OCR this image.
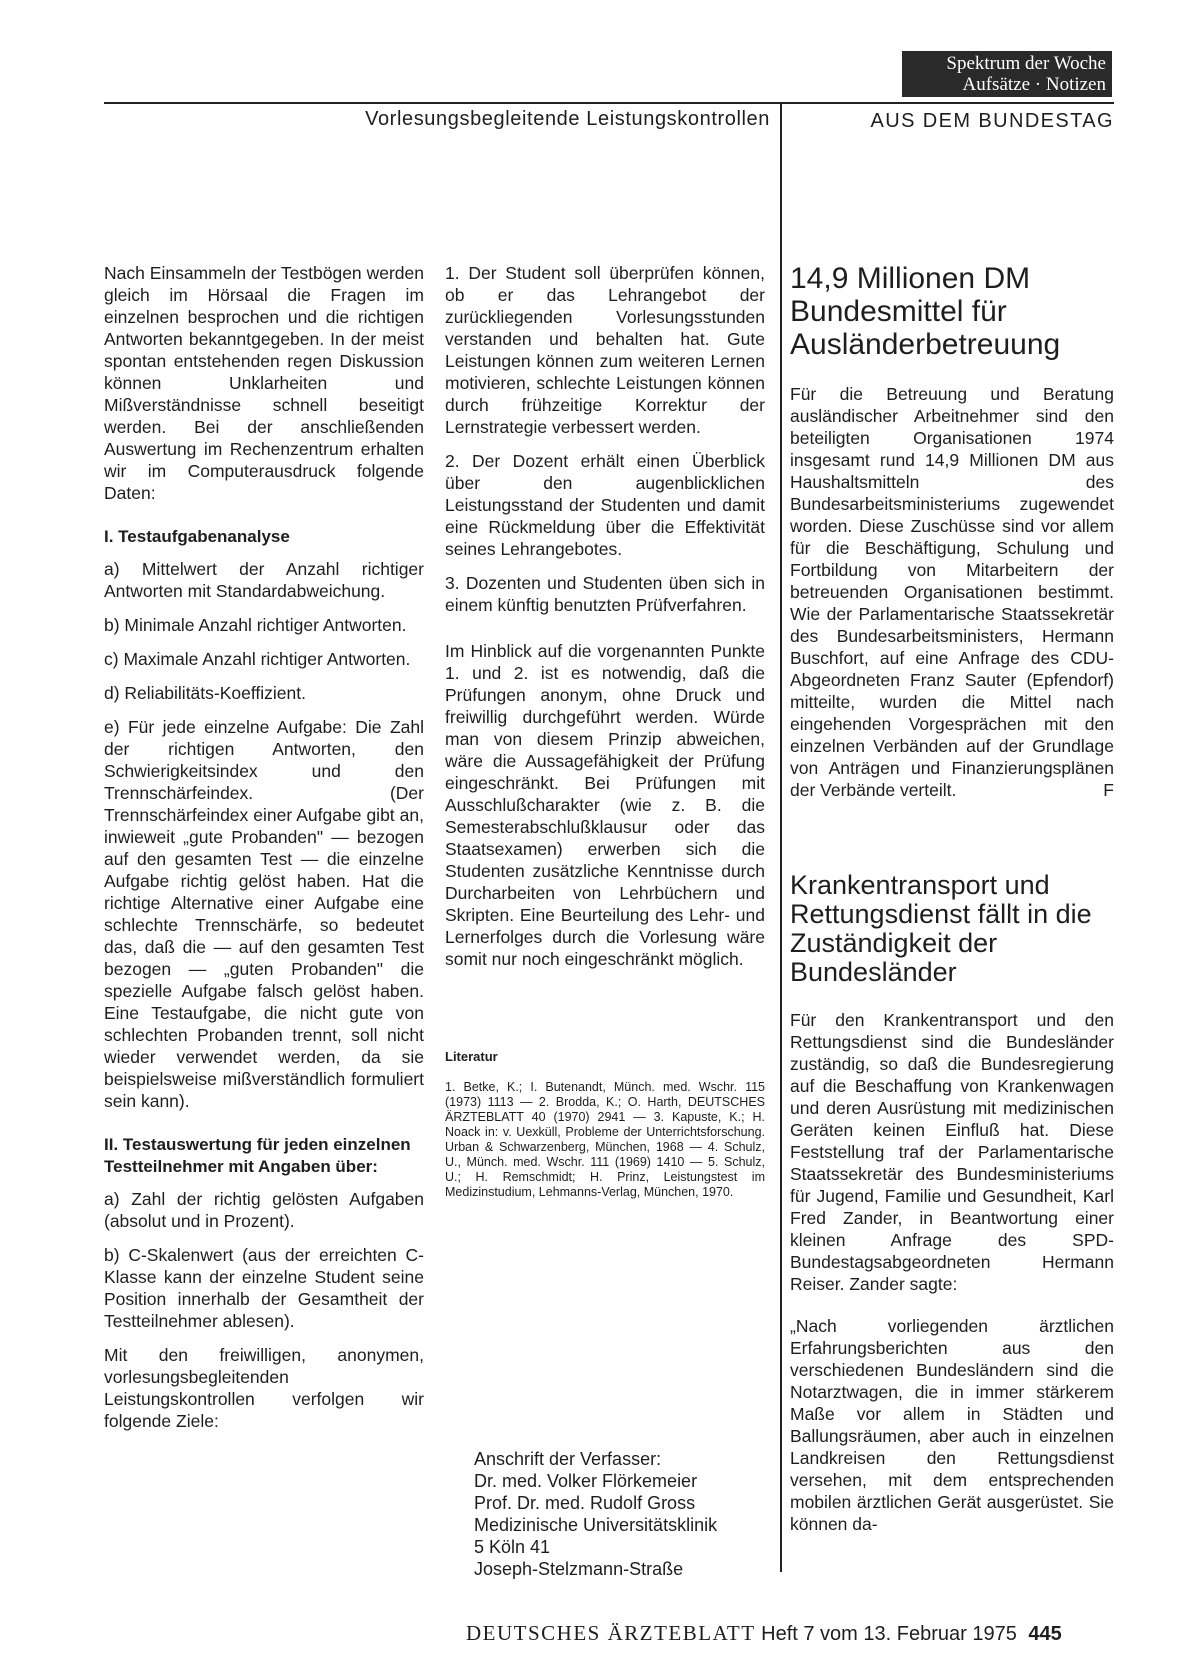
Spektrum der Woche
Aufsätze · Notizen
Vorlesungsbegleitende Leistungskontrollen	AUS DEM BUNDESTAG

Nach Einsammeln der Testbögen werden gleich im Hörsaal die Fragen im einzelnen besprochen und die richtigen Antworten bekanntgegeben. In der meist spontan entstehenden regen Diskussion können Unklarheiten und Mißverständnisse schnell beseitigt werden. Bei der anschließenden Auswertung im Rechenzentrum erhalten wir im Computerausdruck folgende Daten:

I. Testaufgabenanalyse

a) Mittelwert der Anzahl richtiger Antworten mit Standardabweichung.

b) Minimale Anzahl richtiger Antworten.

c) Maximale Anzahl richtiger Antworten.

d) Reliabilitäts-Koeffizient.

e) Für jede einzelne Aufgabe: Die Zahl der richtigen Antworten, den Schwierigkeitsindex und den Trennschärfeindex. (Der Trennschärfeindex einer Aufgabe gibt an, inwieweit „gute Probanden" — bezogen auf den gesamten Test — die einzelne Aufgabe richtig gelöst haben. Hat die richtige Alternative einer Aufgabe eine schlechte Trennschärfe, so bedeutet das, daß die — auf den gesamten Test bezogen — „guten Probanden" die spezielle Aufgabe falsch gelöst haben. Eine Testaufgabe, die nicht gute von schlechten Probanden trennt, soll nicht wieder verwendet werden, da sie beispielsweise mißverständlich formuliert sein kann).

II. Testauswertung für jeden einzelnen Testteilnehmer mit Angaben über:

a) Zahl der richtig gelösten Aufgaben (absolut und in Prozent).

b) C-Skalenwert (aus der erreichten C-Klasse kann der einzelne Student seine Position innerhalb der Gesamtheit der Testteilnehmer ablesen).

Mit den freiwilligen, anonymen, vorlesungsbegleitenden Leistungskontrollen verfolgen wir folgende Ziele:

1. Der Student soll überprüfen können, ob er das Lehrangebot der zurückliegenden Vorlesungsstunden verstanden und behalten hat. Gute Leistungen können zum weiteren Lernen motivieren, schlechte Leistungen können durch frühzeitige Korrektur der Lernstrategie verbessert werden.

2. Der Dozent erhält einen Überblick über den augenblicklichen Leistungsstand der Studenten und damit eine Rückmeldung über die Effektivität seines Lehrangebotes.

3. Dozenten und Studenten üben sich in einem künftig benutzten Prüfverfahren.

Im Hinblick auf die vorgenannten Punkte 1. und 2. ist es notwendig, daß die Prüfungen anonym, ohne Druck und freiwillig durchgeführt werden. Würde man von diesem Prinzip abweichen, wäre die Aussagefähigkeit der Prüfung eingeschränkt. Bei Prüfungen mit Ausschlußcharakter (wie z. B. die Semesterabschlußklausur oder das Staatsexamen) erwerben sich die Studenten zusätzliche Kenntnisse durch Durcharbeiten von Lehrbüchern und Skripten. Eine Beurteilung des Lehr- und Lernerfolges durch die Vorlesung wäre somit nur noch eingeschränkt möglich.

Literatur

1. Betke, K.; I. Butenandt, Münch. med. Wschr. 115 (1973) 1113 — 2. Brodda, K.; O. Harth, DEUTSCHES ÄRZTEBLATT 40 (1970) 2941 — 3. Kapuste, K.; H. Noack in: v. Uexküll, Probleme der Unterrichtsforschung. Urban & Schwarzenberg, München, 1968 — 4. Schulz, U., Münch. med. Wschr. 111 (1969) 1410 — 5. Schulz, U.; H. Remschmidt; H. Prinz, Leistungstest im Medizinstudium, Lehmanns-Verlag, München, 1970.

Anschrift der Verfasser:
Dr. med. Volker Flörkemeier
Prof. Dr. med. Rudolf Gross
Medizinische Universitätsklinik
5 Köln 41
Joseph-Stelzmann-Straße
14,9 Millionen DM Bundesmittel für Ausländerbetreuung

Für die Betreuung und Beratung ausländischer Arbeitnehmer sind den beteiligten Organisationen 1974 insgesamt rund 14,9 Millionen DM aus Haushaltsmitteln des Bundesarbeitsministeriums zugewendet worden. Diese Zuschüsse sind vor allem für die Beschäftigung, Schulung und Fortbildung von Mitarbeitern der betreuenden Organisationen bestimmt. Wie der Parlamentarische Staatssekretär des Bundesarbeitsministers, Hermann Buschfort, auf eine Anfrage des CDU-Abgeordneten Franz Sauter (Epfendorf) mitteilte, wurden die Mittel nach eingehenden Vorgesprächen mit den einzelnen Verbänden auf der Grundlage von Anträgen und Finanzierungsplänen der Verbände verteilt.	F

Krankentransport und Rettungsdienst fällt in die Zuständigkeit der Bundesländer

Für den Krankentransport und den Rettungsdienst sind die Bundesländer zuständig, so daß die Bundesregierung auf die Beschaffung von Krankenwagen und deren Ausrüstung mit medizinischen Geräten keinen Einfluß hat. Diese Feststellung traf der Parlamentarische Staatssekretär des Bundesministeriums für Jugend, Familie und Gesundheit, Karl Fred Zander, in Beantwortung einer kleinen Anfrage des SPD-Bundestagsabgeordneten Hermann Reiser. Zander sagte:

„Nach vorliegenden ärztlichen Erfahrungsberichten aus den verschiedenen Bundesländern sind die Notarztwagen, die in immer stärkerem Maße vor allem in Städten und Ballungsräumen, aber auch in einzelnen Landkreisen den Rettungsdienst versehen, mit dem entsprechenden mobilen ärztlichen Gerät ausgerüstet. Sie können da-

DEUTSCHES ÄRZTEBLATT Heft 7 vom 13. Februar 1975 445
